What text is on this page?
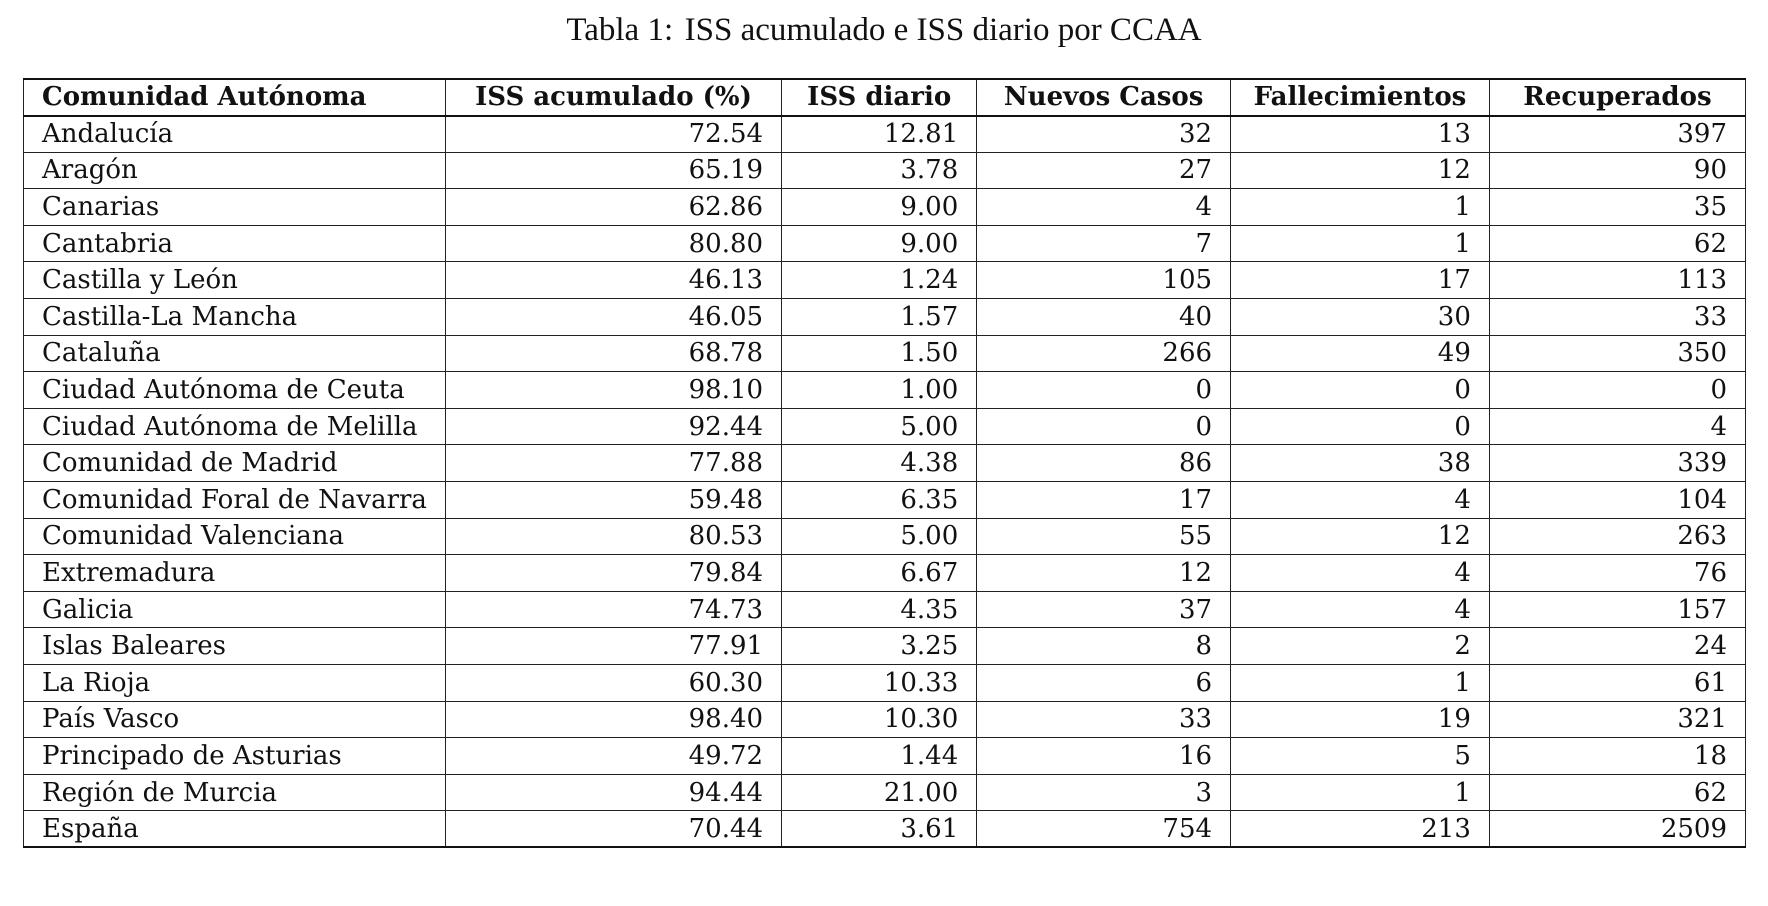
Tabla 1: ISS acumulado e ISS diario por CCAA
Comunidad Autónoma	ISS acumulado (%)	ISS diario	Nuevos Casos	Fallecimientos	Recuperados
Andalucía	72.54	12.81	32	13	397
Aragón	65.19	3.78	27	12	90
Canarias	62.86	9.00	4	1	35
Cantabria	80.80	9.00	7	1	62
Castilla y León	46.13	1.24	105	17	113
Castilla-La Mancha	46.05	1.57	40	30	33
Cataluña	68.78	1.50	266	49	350
Ciudad Autónoma de Ceuta	98.10	1.00	0	0	0
Ciudad Autónoma de Melilla	92.44	5.00	0	0	4
Comunidad de Madrid	77.88	4.38	86	38	339
Comunidad Foral de Navarra	59.48	6.35	17	4	104
Comunidad Valenciana	80.53	5.00	55	12	263
Extremadura	79.84	6.67	12	4	76
Galicia	74.73	4.35	37	4	157
Islas Baleares	77.91	3.25	8	2	24
La Rioja	60.30	10.33	6	1	61
País Vasco	98.40	10.30	33	19	321
Principado de Asturias	49.72	1.44	16	5	18
Región de Murcia	94.44	21.00	3	1	62
España	70.44	3.61	754	213	2509
